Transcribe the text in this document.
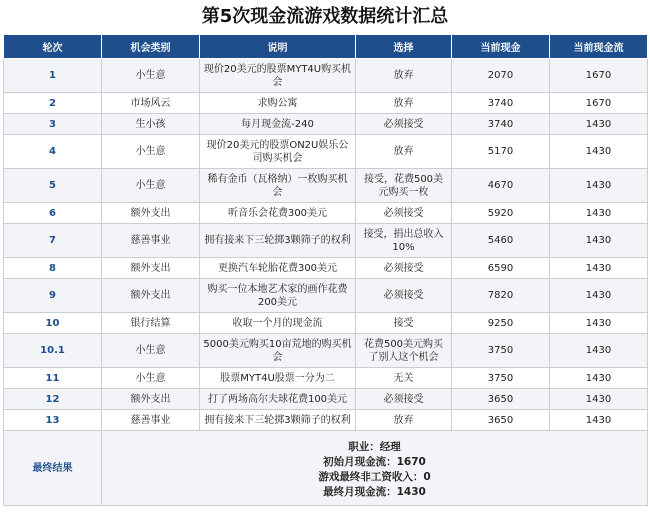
第5次现金流游戏数据统计汇总
轮次	机会类别	说明	选择	当前现金	当前现金流
1	小生意	现价20美元的股票MYT4U购买机会	放弃	2070	1670
2	市场风云	求购公寓	放弃	3740	1670
3	生小孩	每月现金流-240	必须接受	3740	1430
4	小生意	现价20美元的股票ON2U娱乐公司购买机会	放弃	5170	1430
5	小生意	稀有金币（瓦格纳）一枚购买机会	接受，花费500美元购买一枚	4670	1430
6	额外支出	听音乐会花费300美元	必须接受	5920	1430
7	慈善事业	拥有接来下三轮掷3颗筛子的权利	接受，捐出总收入10%	5460	1430
8	额外支出	更换汽车轮胎花费300美元	必须接受	6590	1430
9	额外支出	购买一位本地艺术家的画作花费200美元	必须接受	7820	1430
10	银行结算	收取一个月的现金流	接受	9250	1430
10.1	小生意	5000美元购买10亩荒地的购买机会	花费500美元购买了别人这个机会	3750	1430
11	小生意	股票MYT4U股票一分为二	无关	3750	1430
12	额外支出	打了两场高尔夫球花费100美元	必须接受	3650	1430
13	慈善事业	拥有接来下三轮掷3颗筛子的权利	放弃	3650	1430
最终结果	职业：经理
初始月现金流：1670
游戏最终非工资收入：0
最终月现金流：1430				
